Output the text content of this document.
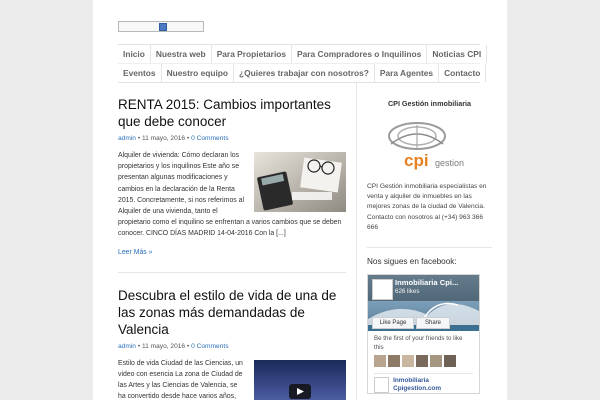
Inicio	Nuestra web	Para Propietarios	Para Compradores o Inquilinos	Noticias CPI
Eventos	Nuestro equipo	¿Quieres trabajar con nosotros?	Para Agentes	Contacto
RENTA 2015: Cambios importantes que debe conocer
admin • 11 mayo, 2016 • 0 Comments
Alquiler de vivienda: Cómo declaran los propietarios y los inquilinos Este año se presentan algunas modificaciones y cambios en la declaración de la Renta 2015. Concretamente, si nos referimos al Alquiler de una vivienda, tanto el propietario como el inquilino se enfrentan a varios cambios que se deben conocer. CINCO DÍAS MADRID 14-04-2016 Con la [...]
Leer Más »
Descubra el estilo de vida de una de las zonas más demandadas de Valencia
admin • 11 mayo, 2016 • 0 Comments
Estilo de vida Ciudad de las Ciencias, un video con esencia La zona de Ciudad de las Artes y las Ciencias de Valencia, se ha convertido desde hace varios años,
CPI Gestión inmobiliaria
cpi gestion
CPI Gestión inmobiliaria especialistas en venta y alquiler de inmuebles en las mejores zonas de la ciudad de Valencia.
Contacto con nosotros al (+34) 963 366 666
Nos sigues en facebook:
Inmobiliaria Cpi...
626 likes
Like Page	Share
Be the first of your friends to like this
Inmobiliaria Cpigestion.com
